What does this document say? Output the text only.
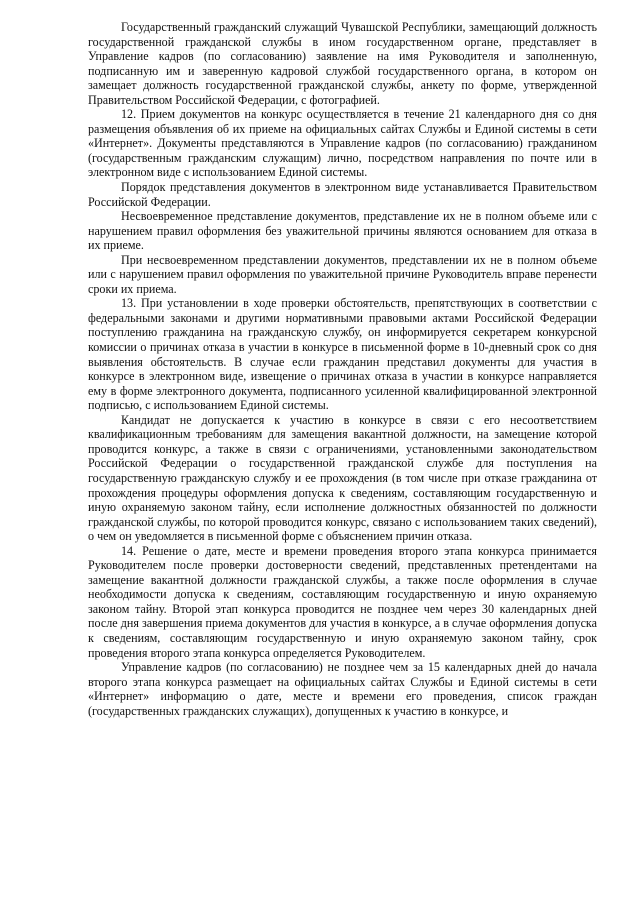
Государственный гражданский служащий Чувашской Республики, замещающий должность государственной гражданской службы в ином государственном органе, представляет в Управление кадров (по согласованию) заявление на имя Руководителя и заполненную, подписанную им и заверенную кадровой службой государственного органа, в котором он замещает должность государственной гражданской службы, анкету по форме, утвержденной Правительством Российской Федерации, с фотографией.

12. Прием документов на конкурс осуществляется в течение 21 календарного дня со дня размещения объявления об их приеме на официальных сайтах Службы и Единой системы в сети «Интернет». Документы представляются в Управление кадров (по согласованию) гражданином (государственным гражданским служащим) лично, посредством направления по почте или в электронном виде с использованием Единой системы.

Порядок представления документов в электронном виде устанавливается Правительством Российской Федерации.

Несвоевременное представление документов, представление их не в полном объеме или с нарушением правил оформления без уважительной причины являются основанием для отказа в их приеме.

При несвоевременном представлении документов, представлении их не в полном объеме или с нарушением правил оформления по уважительной причине Руководитель вправе перенести сроки их приема.

13. При установлении в ходе проверки обстоятельств, препятствующих в соответствии с федеральными законами и другими нормативными правовыми актами Российской Федерации поступлению гражданина на гражданскую службу, он информируется секретарем конкурсной комиссии о причинах отказа в участии в конкурсе в письменной форме в 10-дневный срок со дня выявления обстоятельств. В случае если гражданин представил документы для участия в конкурсе в электронном виде, извещение о причинах отказа в участии в конкурсе направляется ему в форме электронного документа, подписанного усиленной квалифицированной электронной подписью, с использованием Единой системы.

Кандидат не допускается к участию в конкурсе в связи с его несоответствием квалификационным требованиям для замещения вакантной должности, на замещение которой проводится конкурс, а также в связи с ограничениями, установленными законодательством Российской Федерации о государственной гражданской службе для поступления на государственную гражданскую службу и ее прохождения (в том числе при отказе гражданина от прохождения процедуры оформления допуска к сведениям, составляющим государственную и иную охраняемую законом тайну, если исполнение должностных обязанностей по должности гражданской службы, по которой проводится конкурс, связано с использованием таких сведений), о чем он уведомляется в письменной форме с объяснением причин отказа.

14. Решение о дате, месте и времени проведения второго этапа конкурса принимается Руководителем после проверки достоверности сведений, представленных претендентами на замещение вакантной должности гражданской службы, а также после оформления в случае необходимости допуска к сведениям, составляющим государственную и иную охраняемую законом тайну. Второй этап конкурса проводится не позднее чем через 30 календарных дней после дня завершения приема документов для участия в конкурсе, а в случае оформления допуска к сведениям, составляющим государственную и иную охраняемую законом тайну, срок проведения второго этапа конкурса определяется Руководителем.

Управление кадров (по согласованию) не позднее чем за 15 календарных дней до начала второго этапа конкурса размещает на официальных сайтах Службы и Единой системы в сети «Интернет» информацию о дате, месте и времени его проведения, список граждан (государственных гражданских служащих), допущенных к участию в конкурсе, и
